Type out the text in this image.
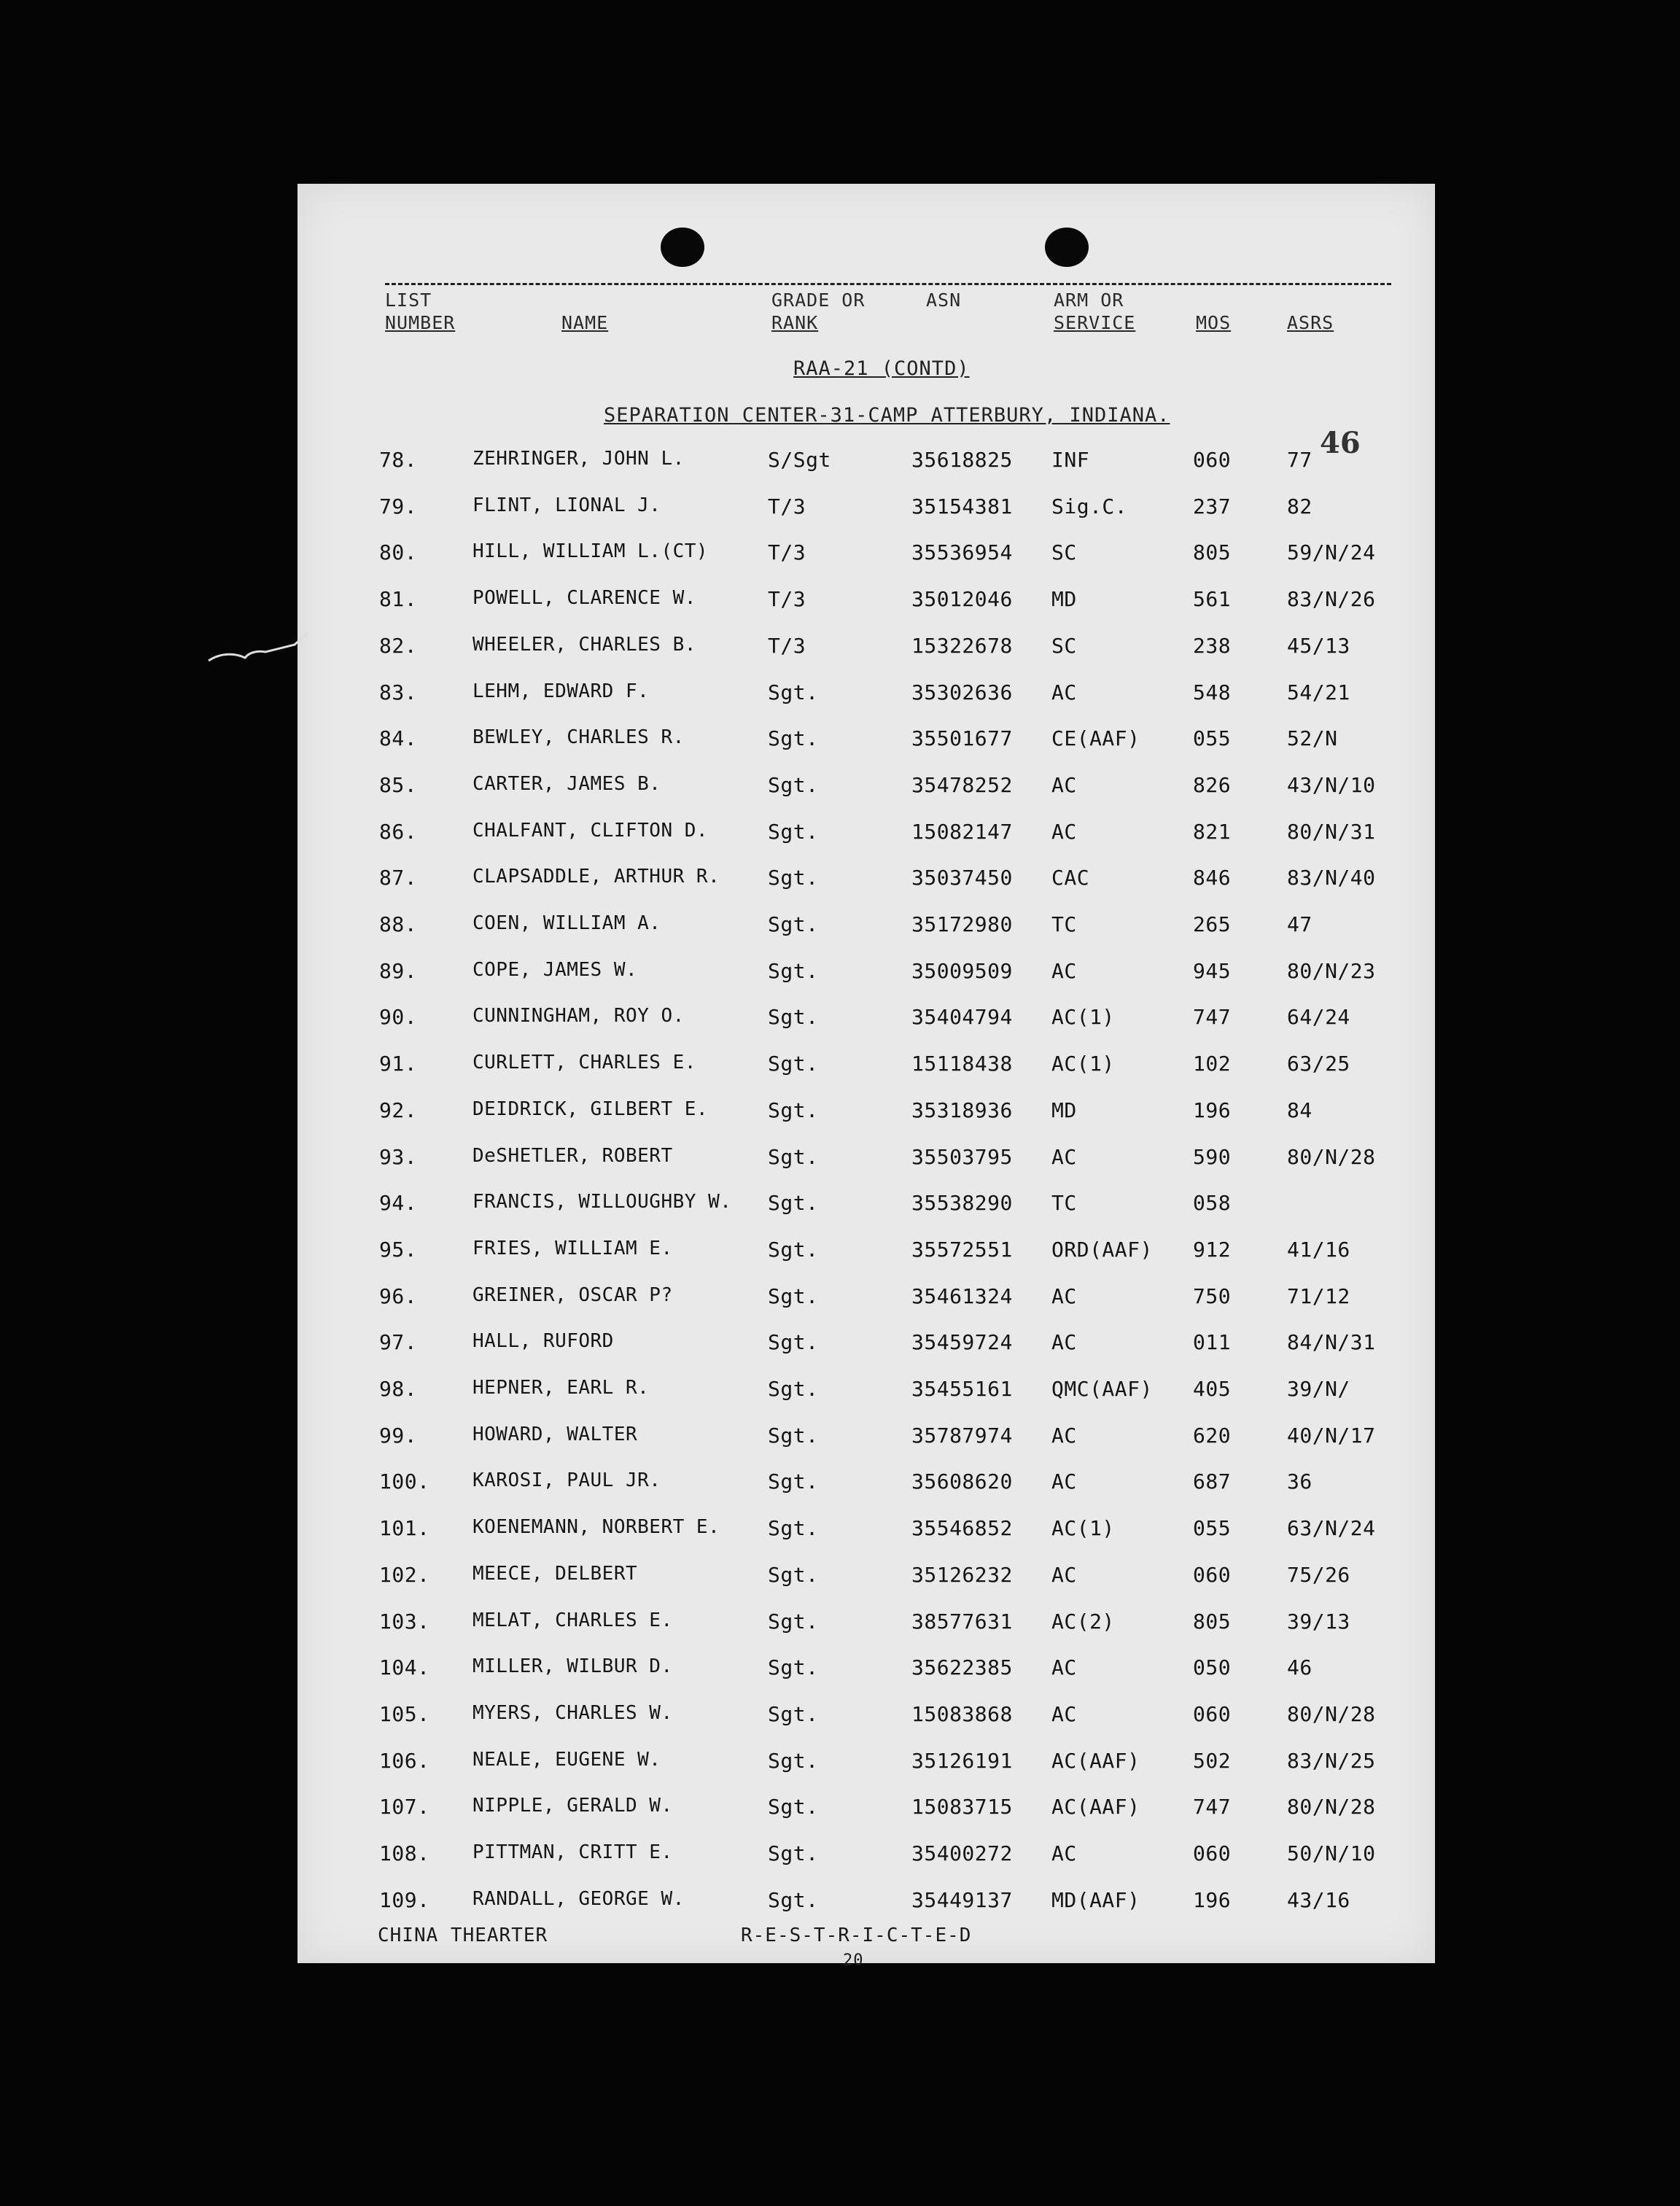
LIST
NUMBER	NAME
GRADE OR
RANK
ASN	ARM OR
SERVICE	MOS	ASRS
RAA-21 (CONTD)
SEPARATION CENTER-31-CAMP ATTERBURY, INDIANA.
46
78.	ZEHRINGER, JOHN L.	S/Sgt	35618825 INF	060	77
79.	FLINT, LIONAL J.	T/3	35154381 Sig.C.	237	82
80.	HILL, WILLIAM L.(CT)	T/3	35536954 SC	805	59/N/24
81.	POWELL, CLARENCE W.	T/3	35012046 MD	561	83/N/26
82.	WHEELER, CHARLES B.	T/3	15322678 SC	238	45/13
83.	LEHM, EDWARD F.	Sgt.	35302636 AC	548	54/21
84.	BEWLEY, CHARLES R.	Sgt.	35501677 CE(AAF)	055	52/N
85.	CARTER, JAMES B.	Sgt.	35478252 AC	826	43/N/10
86.	CHALFANT, CLIFTON D.	Sgt.	15082147 AC	821	80/N/31
87.	CLAPSADDLE, ARTHUR R. Sgt.	35037450 CAC	846	83/N/40
88.	COEN, WILLIAM A.	Sgt.	35172980 TC	265	47
89.	COPE, JAMES W.	Sgt.	35009509 AC	945	80/N/23
90.	CUNNINGHAM, ROY O.	Sgt.	35404794 AC(1)	747	64/24
91.	CURLETT, CHARLES E.	Sgt.	15118438 AC(1)	102	63/25
92.	DEIDRICK, GILBERT E.	Sgt.	35318936 MD	196	84
93.	DeSHETLER, ROBERT	Sgt.	35503795 AC	590	80/N/28
94.	FRANCIS, WILLOUGHBY W. Sgt.	35538290 TC	058
95.	FRIES, WILLIAM E.	Sgt.	35572551 ORD(AAF) 912	41/16
96.	GREINER, OSCAR P?	Sgt.	35461324 AC	750	71/12
97.	HALL, RUFORD	Sgt.	35459724 AC	011	84/N/31
98.	HEPNER, EARL R.	Sgt.	35455161 QMC(AAF) 405	39/N/
99.	HOWARD, WALTER	Sgt.	35787974 AC	620	40/N/17
100. KAROSI, PAUL JR.	Sgt.	35608620 AC	687	36
101. KOENEMANN, NORBERT E. Sgt.	35546852 AC(1)	055	63/N/24
102. MEECE, DELBERT	Sgt.	35126232 AC	060	75/26
103. MELAT, CHARLES E.	Sgt.	38577631 AC(2)	805	39/13
104. MILLER, WILBUR D.	Sgt.	35622385 AC	050	46
105. MYERS, CHARLES W.	Sgt.	15083868 AC	060	80/N/28
106. NEALE, EUGENE W.	Sgt.	35126191 AC(AAF)	502	83/N/25
107. NIPPLE, GERALD W.	Sgt.	15083715 AC(AAF)	747	80/N/28
108. PITTMAN, CRITT E.	Sgt.	35400272 AC	060	50/N/10
109. RANDALL, GEORGE W.	Sgt.	35449137 MD(AAF)	196	43/16
CHINA THEARTER	R-E-S-T-R-I-C-T-E-D
20
